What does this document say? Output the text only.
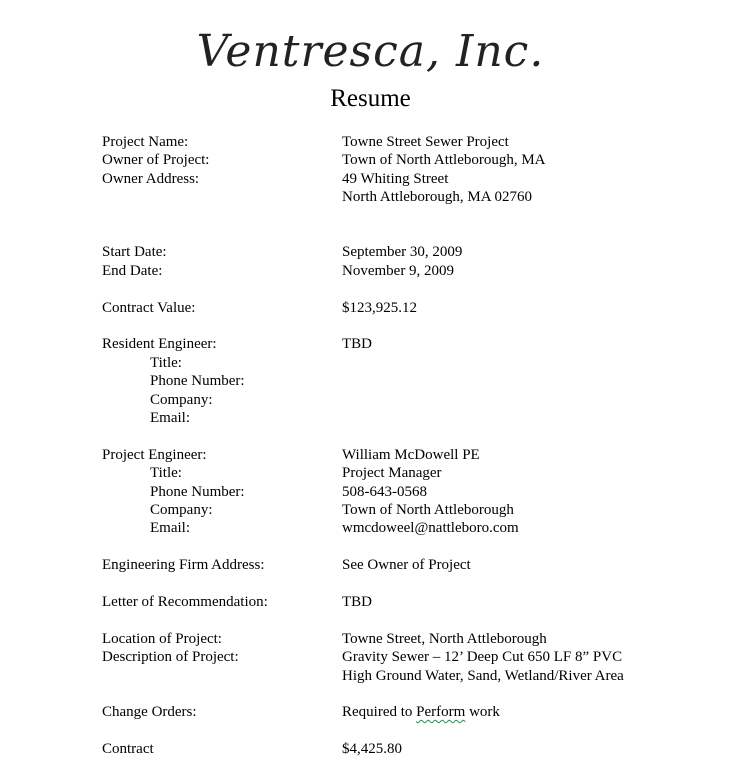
Ventresca, Inc.
Resume
Project Name:	Towne Street Sewer Project
Owner of Project:	Town of North Attleborough, MA
Owner Address:	49 Whiting Street
North Attleborough, MA 02760
Start Date:	September 30, 2009
End Date:	November 9, 2009
Contract Value:	$123,925.12
Resident Engineer:	TBD
Title:
Phone Number:
Company:
Email:
Project Engineer:	William McDowell PE
Title:	Project Manager
Phone Number:	508-643-0568
Company:	Town of North Attleborough
Email:	wmcdoweel@nattleboro.com
Engineering Firm Address:	See Owner of Project
Letter of Recommendation:	TBD
Location of Project:	Towne Street, North Attleborough
Description of Project:	Gravity Sewer – 12’ Deep Cut 650 LF 8” PVC
High Ground Water, Sand, Wetland/River Area
Change Orders:	Required to Perform work
Contract	$4,425.80
